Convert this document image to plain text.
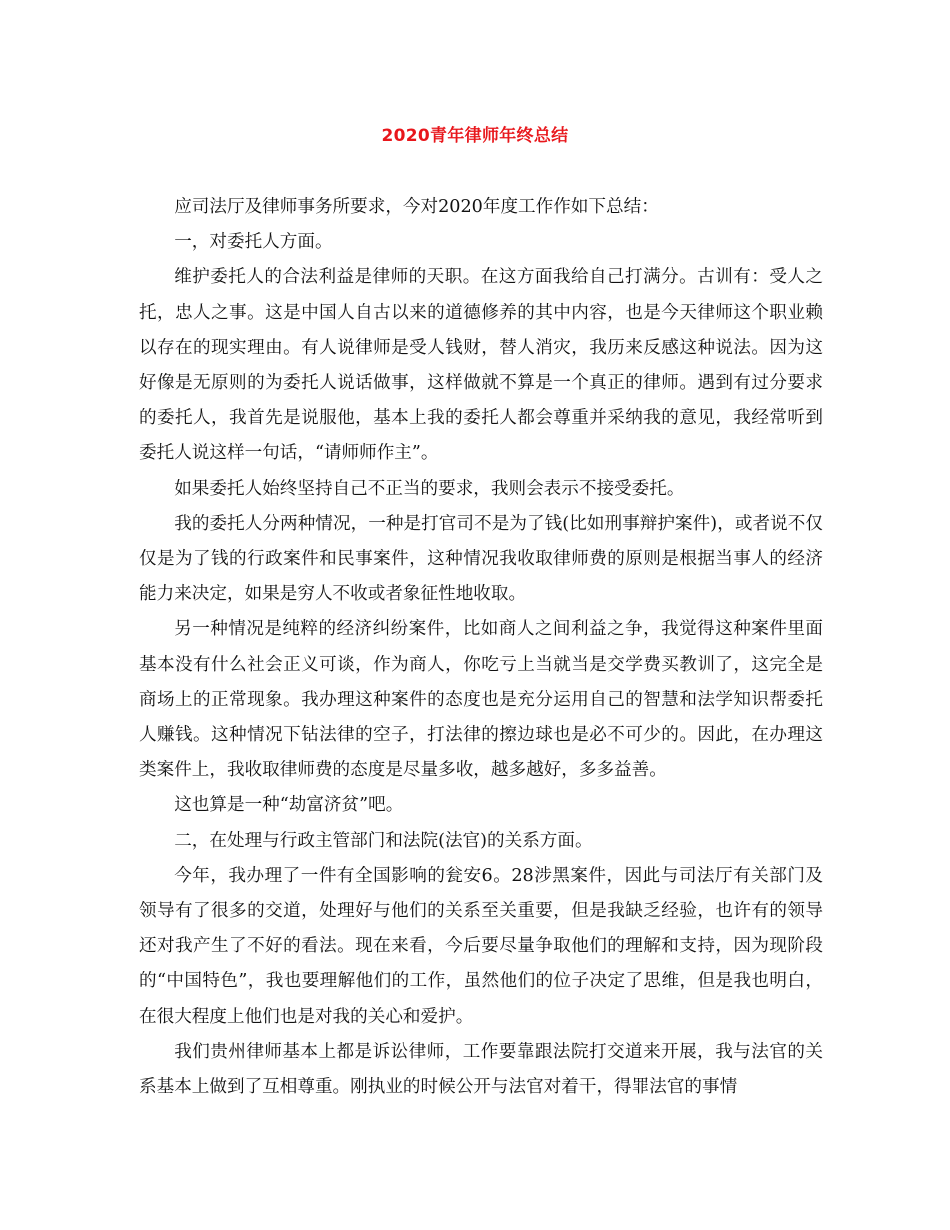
2020青年律师年终总结

应司法厅及律师事务所要求，今对2020年度工作作如下总结：

一，对委托人方面。

维护委托人的合法利益是律师的天职。在这方面我给自己打满分。古训有：受人之托，忠人之事。这是中国人自古以来的道德修养的其中内容，也是今天律师这个职业赖以存在的现实理由。有人说律师是受人钱财，替人消灾，我历来反感这种说法。因为这好像是无原则的为委托人说话做事，这样做就不算是一个真正的律师。遇到有过分要求的委托人，我首先是说服他，基本上我的委托人都会尊重并采纳我的意见，我经常听到委托人说这样一句话，“请师师作主”。

如果委托人始终坚持自己不正当的要求，我则会表示不接受委托。

我的委托人分两种情况，一种是打官司不是为了钱(比如刑事辩护案件)，或者说不仅仅是为了钱的行政案件和民事案件，这种情况我收取律师费的原则是根据当事人的经济能力来决定，如果是穷人不收或者象征性地收取。

另一种情况是纯粹的经济纠纷案件，比如商人之间利益之争，我觉得这种案件里面基本没有什么社会正义可谈，作为商人，你吃亏上当就当是交学费买教训了，这完全是商场上的正常现象。我办理这种案件的态度也是充分运用自己的智慧和法学知识帮委托人赚钱。这种情况下钻法律的空子，打法律的擦边球也是必不可少的。因此，在办理这类案件上，我收取律师费的态度是尽量多收，越多越好，多多益善。

这也算是一种“劫富济贫”吧。

二，在处理与行政主管部门和法院(法官)的关系方面。

今年，我办理了一件有全国影响的瓮安6。28涉黑案件，因此与司法厅有关部门及领导有了很多的交道，处理好与他们的关系至关重要，但是我缺乏经验，也许有的领导还对我产生了不好的看法。现在来看，今后要尽量争取他们的理解和支持，因为现阶段的“中国特色”，我也要理解他们的工作，虽然他们的位子决定了思维，但是我也明白，在很大程度上他们也是对我的关心和爱护。

我们贵州律师基本上都是诉讼律师，工作要靠跟法院打交道来开展，我与法官的关系基本上做到了互相尊重。刚执业的时候公开与法官对着干，得罪法官的事情
